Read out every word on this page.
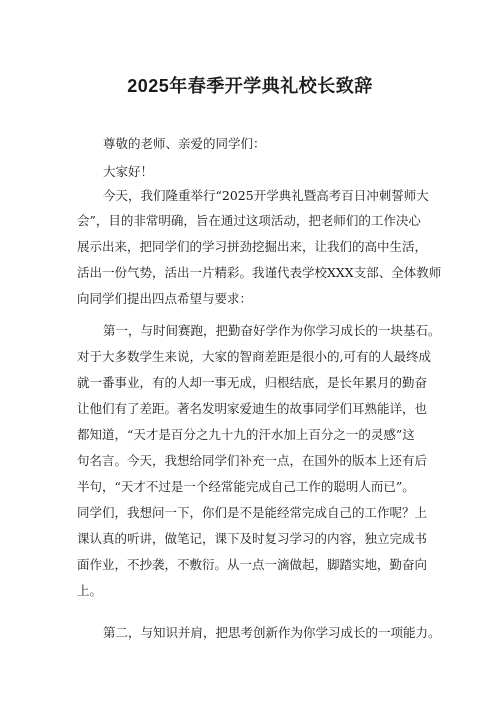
2025年春季开学典礼校长致辞
尊敬的老师、亲爱的同学们：
大家好！
今天，我们隆重举行“2025开学典礼暨高考百日冲刺誓师大
会”，目的非常明确，旨在通过这项活动，把老师们的工作决心
展示出来，把同学们的学习拼劲挖掘出来，让我们的高中生活，
活出一份气势，活出一片精彩。我谨代表学校XXX支部、全体教师
向同学们提出四点希望与要求：
第一，与时间赛跑，把勤奋好学作为你学习成长的一块基石。
对于大多数学生来说，大家的智商差距是很小的,可有的人最终成
就一番事业，有的人却一事无成，归根结底，是长年累月的勤奋
让他们有了差距。著名发明家爱迪生的故事同学们耳熟能详，也
都知道，“天才是百分之九十九的汗水加上百分之一的灵感”这
句名言。今天，我想给同学们补充一点，在国外的版本上还有后
半句，“天才不过是一个经常能完成自己工作的聪明人而已”。
同学们，我想问一下，你们是不是能经常完成自己的工作呢？上
课认真的听讲，做笔记，课下及时复习学习的内容，独立完成书
面作业，不抄袭，不敷衍。从一点一滴做起，脚踏实地，勤奋向
上。
第二，与知识并肩，把思考创新作为你学习成长的一项能力。
